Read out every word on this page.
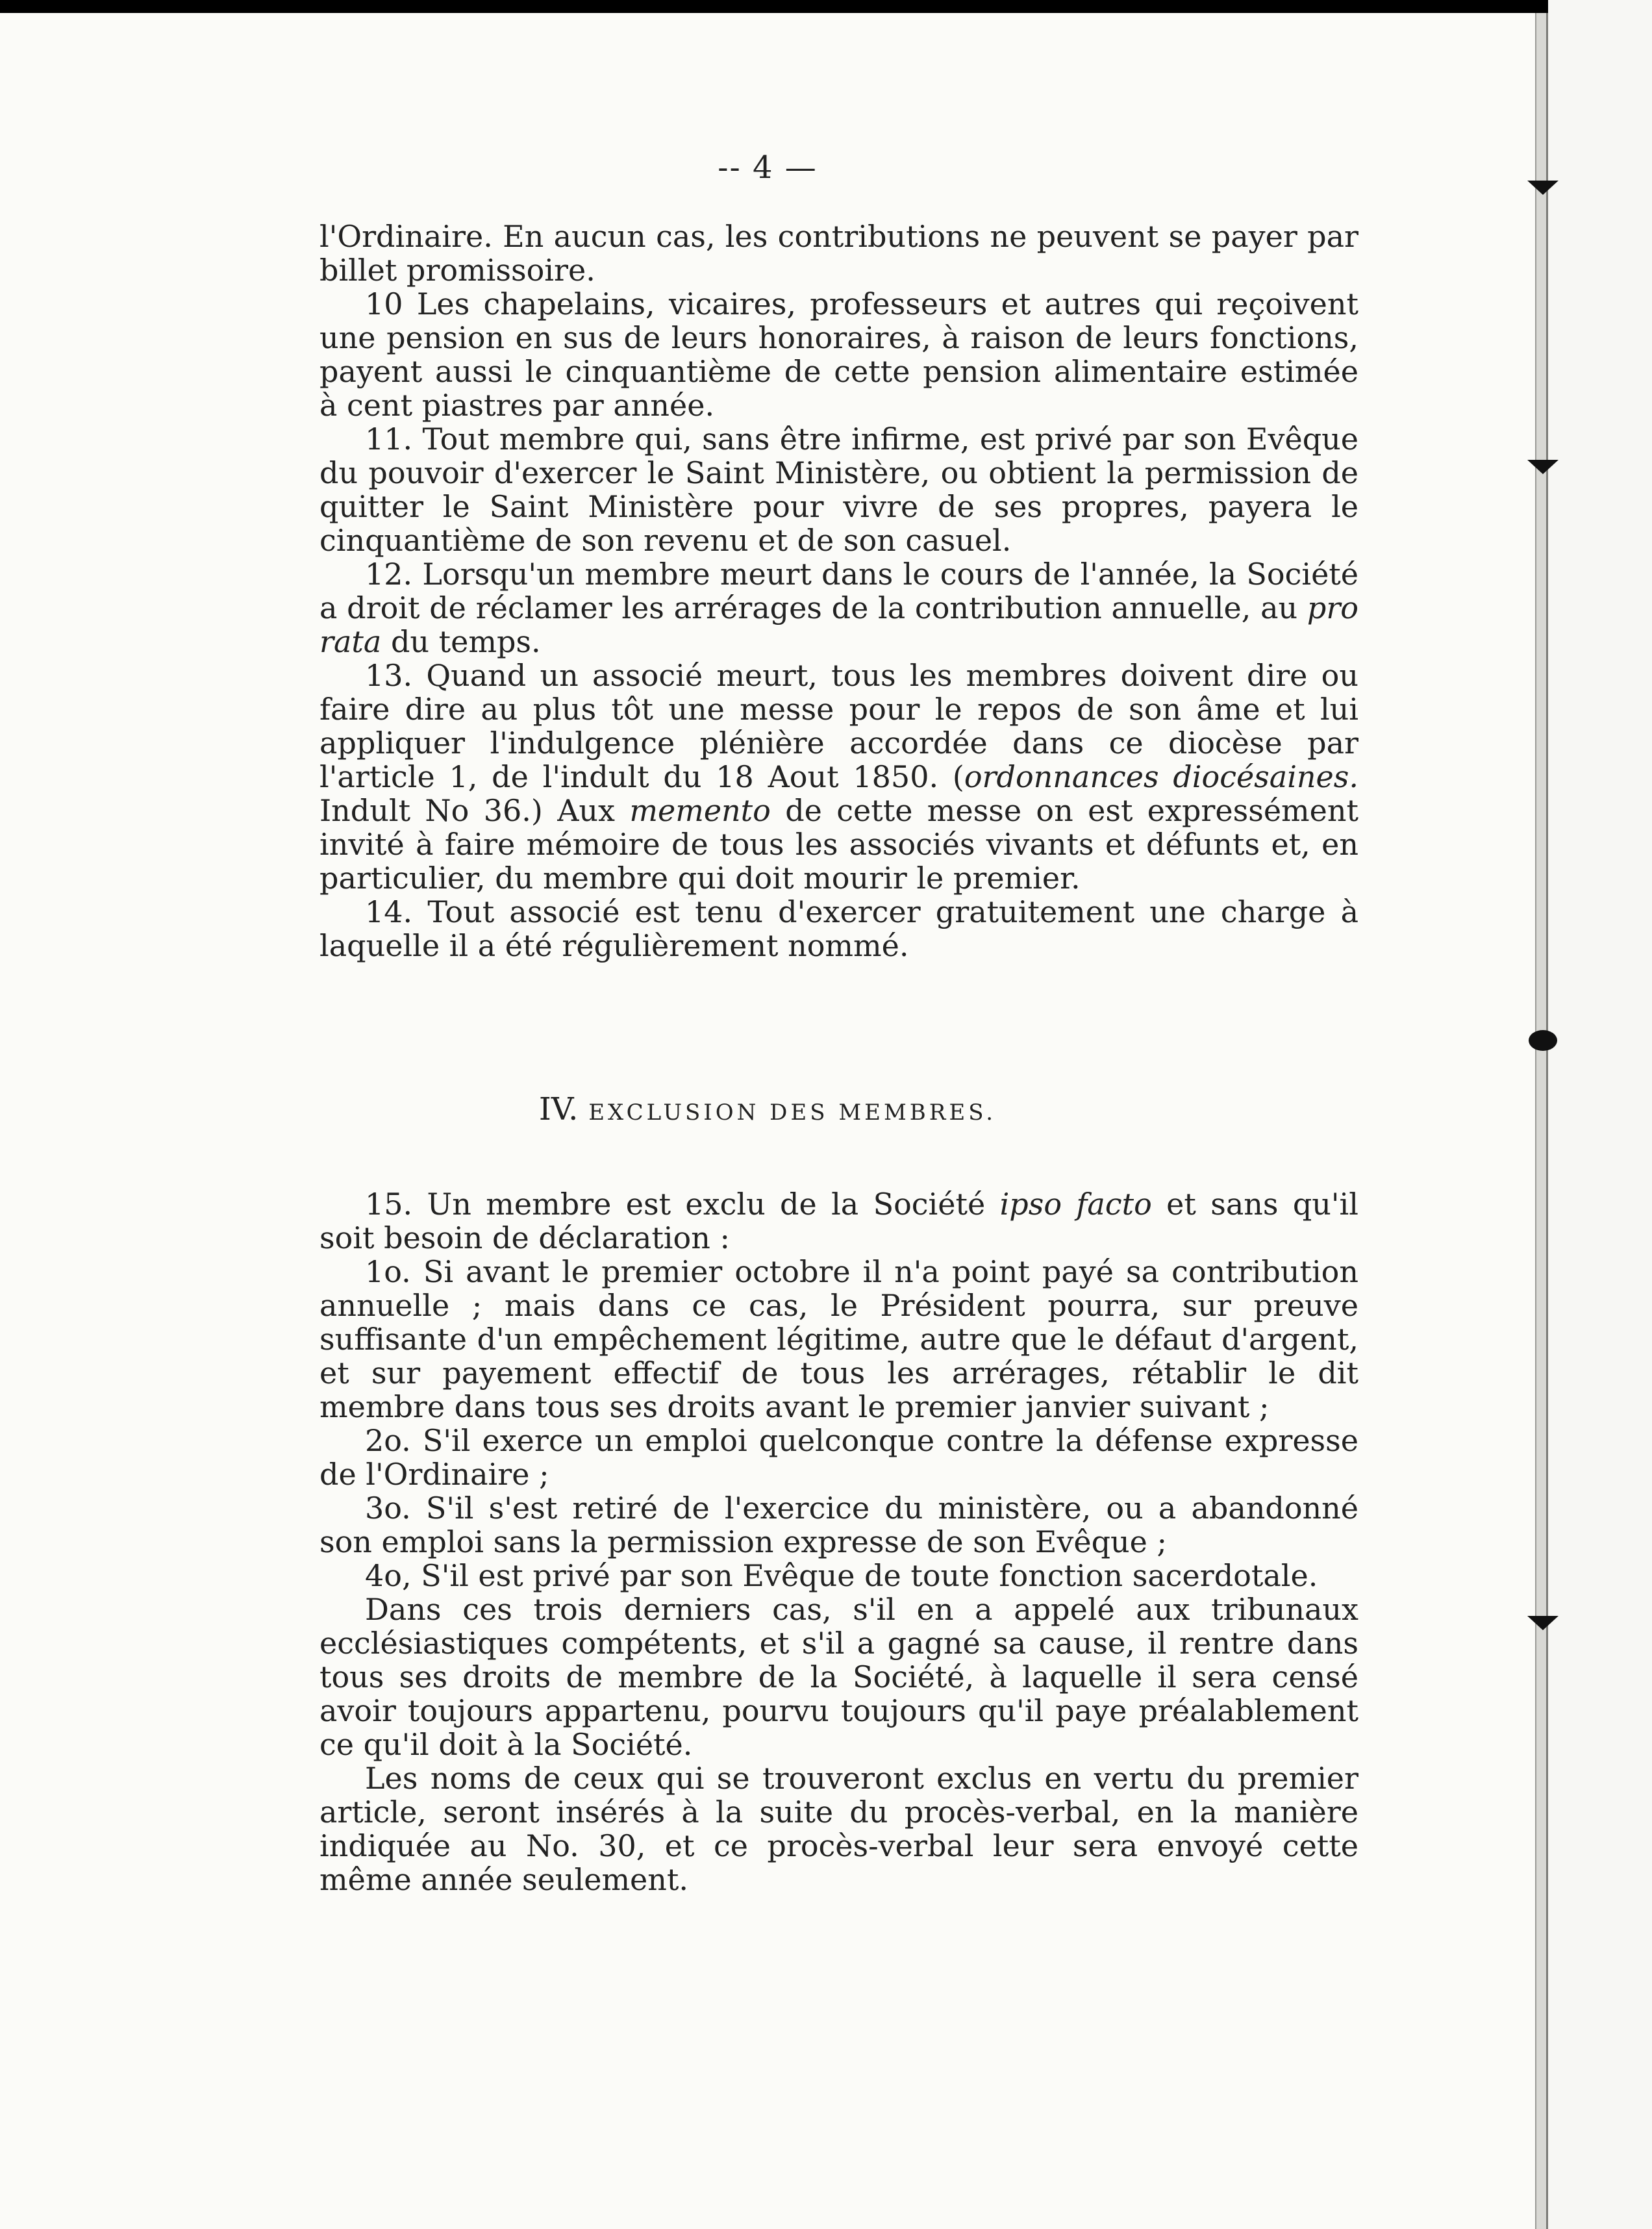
-- 4 —

l'Ordinaire. En aucun cas, les contributions ne peuvent se payer par billet promissoire.

10 Les chapelains, vicaires, professeurs et autres qui reçoivent une pension en sus de leurs honoraires, à raison de leurs fonctions, payent aussi le cinquantième de cette pension alimentaire estimée à cent piastres par année.

11. Tout membre qui, sans être infirme, est privé par son Evêque du pouvoir d'exercer le Saint Ministère, ou obtient la permission de quitter le Saint Ministère pour vivre de ses propres, payera le cinquantième de son revenu et de son casuel.

12. Lorsqu'un membre meurt dans le cours de l'année, la Société a droit de réclamer les arrérages de la contribution annuelle, au pro rata du temps.

13. Quand un associé meurt, tous les membres doivent dire ou faire dire au plus tôt une messe pour le repos de son âme et lui appliquer l'indulgence plénière accordée dans ce diocèse par l'article 1, de l'indult du 18 Aout 1850. (ordonnances diocésaines. Indult No 36.) Aux memento de cette messe on est expressément invité à faire mémoire de tous les associés vivants et défunts et, en particulier, du membre qui doit mourir le premier.

14. Tout associé est tenu d'exercer gratuitement une charge à laquelle il a été régulièrement nommé.

IV. EXCLUSION DES MEMBRES.

15. Un membre est exclu de la Société ipso facto et sans qu'il soit besoin de déclaration :

1o. Si avant le premier octobre il n'a point payé sa contribution annuelle ; mais dans ce cas, le Président pourra, sur preuve suffisante d'un empêchement légitime, autre que le défaut d'argent, et sur payement effectif de tous les arrérages, rétablir le dit membre dans tous ses droits avant le premier janvier suivant ;

2o. S'il exerce un emploi quelconque contre la défense expresse de l'Ordinaire ;

3o. S'il s'est retiré de l'exercice du ministère, ou a abandonné son emploi sans la permission expresse de son Evêque ;

4o, S'il est privé par son Evêque de toute fonction sacerdotale.

Dans ces trois derniers cas, s'il en a appelé aux tribunaux ecclésiastiques compétents, et s'il a gagné sa cause, il rentre dans tous ses droits de membre de la Société, à laquelle il sera censé avoir toujours appartenu, pourvu toujours qu'il paye préalablement ce qu'il doit à la Société.

Les noms de ceux qui se trouveront exclus en vertu du premier article, seront insérés à la suite du procès-verbal, en la manière indiquée au No. 30, et ce procès-verbal leur sera envoyé cette même année seulement.
